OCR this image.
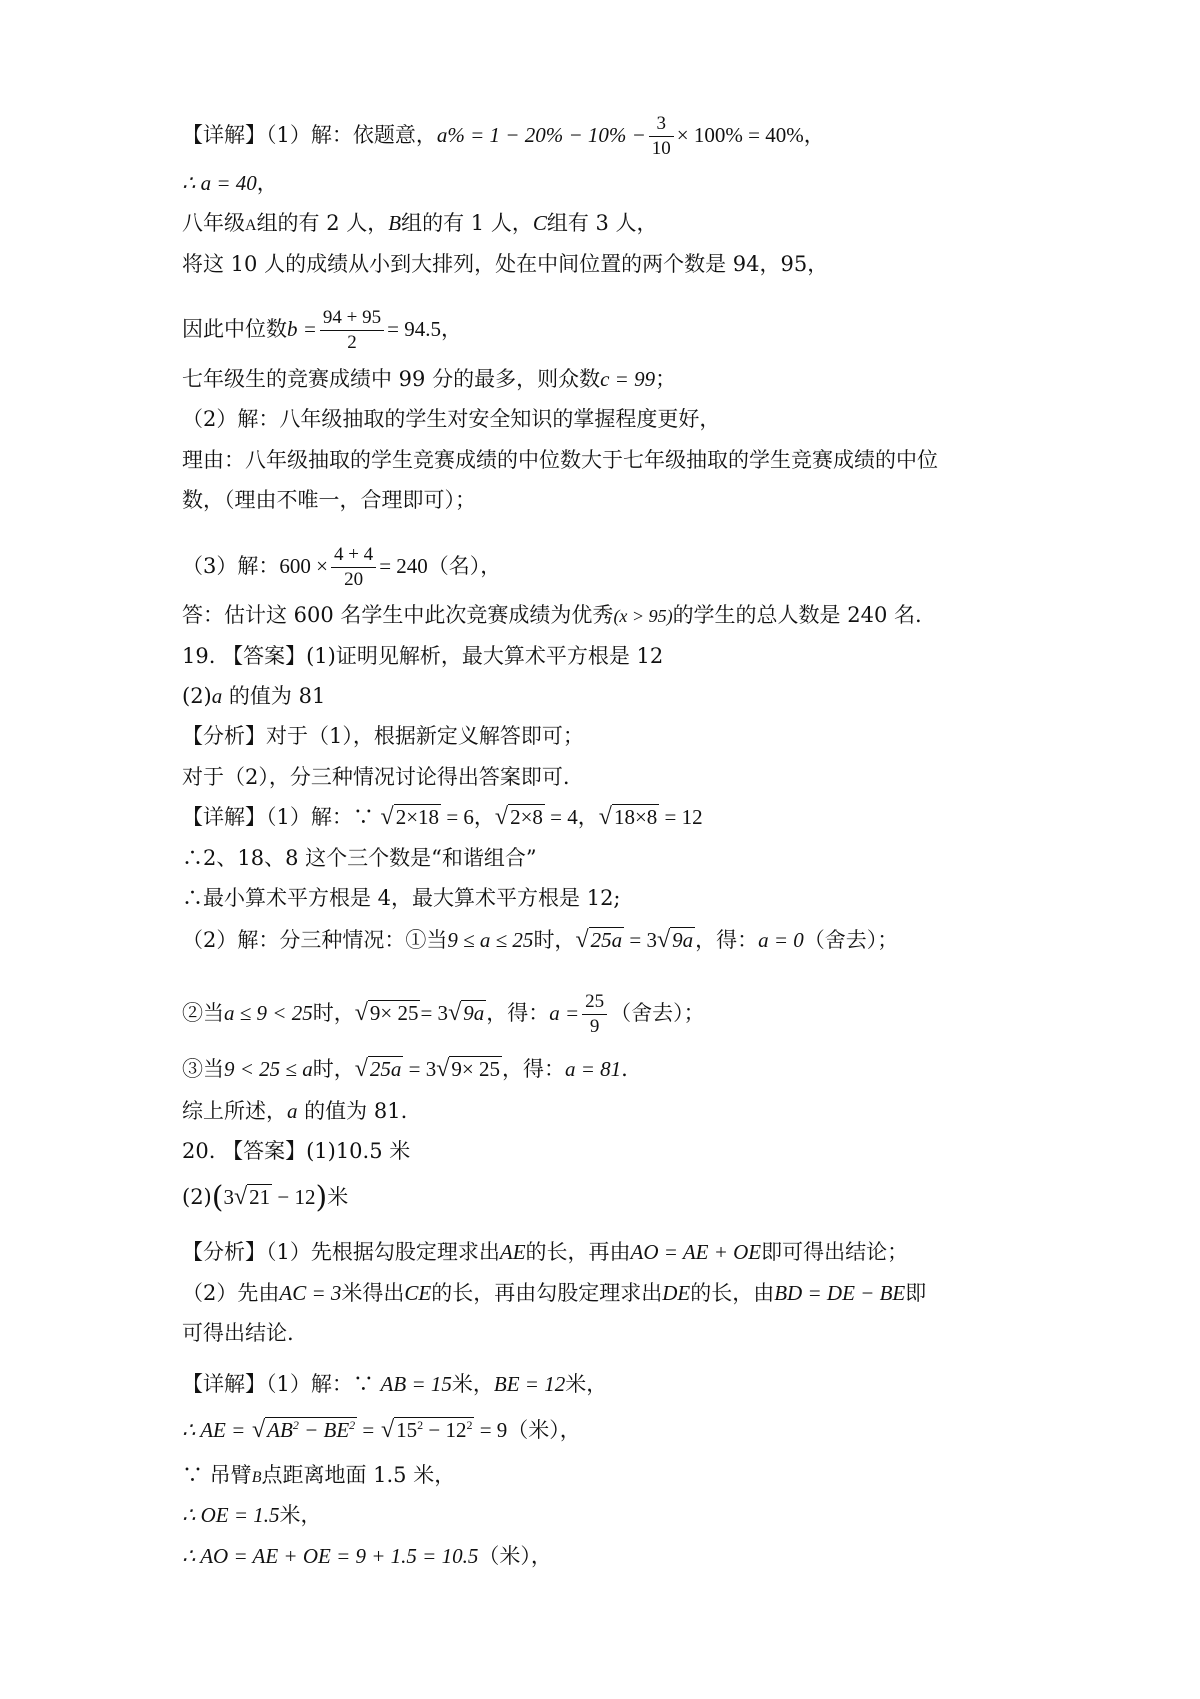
【详解】（1）解：依题意，$a\% = 1 - 20\% - 10\% - \frac{3}{10} \times 100\% = 40\%$，
∴ a = 40，
八年级A组的有 2 人，B组的有 1 人，C组有 3 人，
将这 10 人的成绩从小到大排列，处在中间位置的两个数是 94，95，
因此中位数$b = \frac{94 + 95}{2} = 94.5$，
七年级生的竞赛成绩中 99 分的最多，则众数c = 99；
（2）解：八年级抽取的学生对安全知识的掌握程度更好，
理由：八年级抽取的学生竞赛成绩的中位数大于七年级抽取的学生竞赛成绩的中位
数，（理由不唯一，合理即可）；
（3）解：$600 \times \frac{4 + 4}{20} = 240$（名），
答：估计这 600 名学生中此次竞赛成绩为优秀(x > 95)的学生的总人数是 240 名.
19. 【答案】(1)证明见解析，最大算术平方根是 12
(2)a 的值为 81
【分析】对于（1），根据新定义解答即可；
对于（2），分三种情况讨论得出答案即可.
【详解】（1）解：∵ √2×18 = 6，√2×8 = 4，√18×8 = 12
∴2、18、8 这个三个数是“和谐组合”
∴最小算术平方根是 4，最大算术平方根是 12;
（2）解：分三种情况：①当9 ≤ a ≤ 25时，√25a = 3√9a，得：a = 0（舍去）；
②当a ≤ 9 < 25时，√9× 25= 3√9a，得：$a = \frac{25}{9}$ （舍去）；
③当9 < 25 ≤ a时，√25a = 3√9× 25，得：a = 81.
综上所述，a 的值为 81.
20. 【答案】(1)10.5 米
(2)(3√21 − 12)米
【分析】（1）先根据勾股定理求出AE的长，再由AO = AE + OE即可得出结论；
（2）先由AC = 3米得出CE的长，再由勾股定理求出DE的长，由BD = DE − BE即
可得出结论.
【详解】（1）解：∵ AB = 15米，BE = 12米，
∴ AE = $√AB^2 - BE^2 = √15^2 - 12^2 = 9$（米），
∵ 吊臂B点距离地面 1.5 米，
∴ OE = 1.5米，
∴ AO = AE + OE = 9 + 1.5 = 10.5（米），
